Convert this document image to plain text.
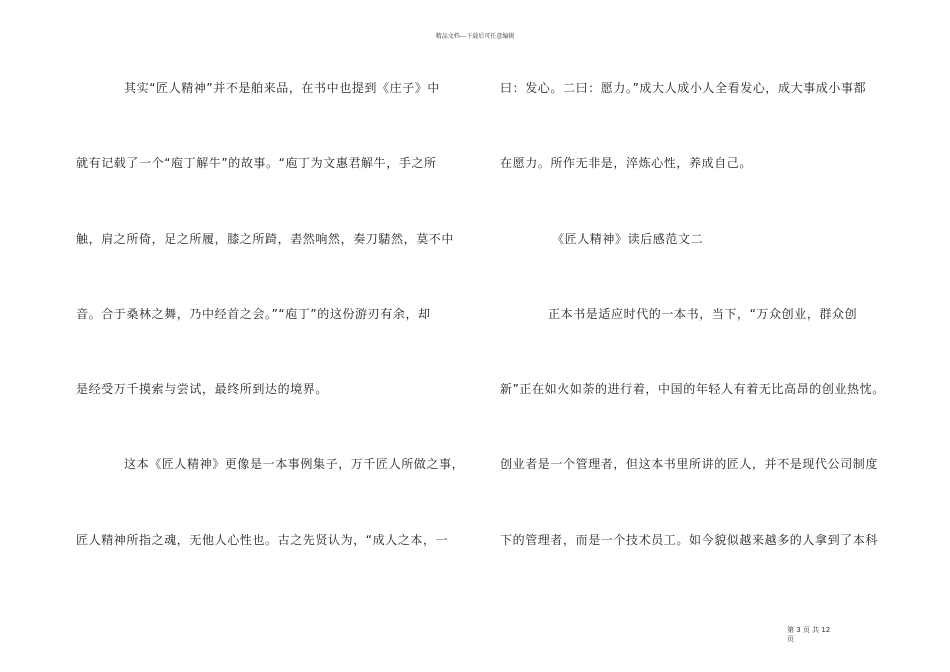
精品文档---下载后可任意编辑
其实“匠人精神”并不是舶来品，在书中也提到《庄子》中
就有记载了一个“庖丁解牛”的故事。“庖丁为文惠君解牛，手之所
触，肩之所倚，足之所履，膝之所踦，砉然响然，奏刀騞然，莫不中
音。合于桑林之舞，乃中经首之会。”“庖丁”的这份游刃有余，却
是经受万千摸索与尝试，最终所到达的境界。
这本《匠人精神》更像是一本事例集子，万千匠人所做之事，
匠人精神所指之魂，无他人心性也。古之先贤认为，“成人之本，一
曰：发心。二曰：愿力。”成大人成小人全看发心，成大事成小事都
在愿力。所作无非是，淬炼心性，养成自己。
《匠人精神》读后感范文二
正本书是适应时代的一本书，当下，“万众创业，群众创
新”正在如火如荼的进行着，中国的年轻人有着无比高昂的创业热忱。
创业者是一个管理者，但这本书里所讲的匠人，并不是现代公司制度
下的管理者，而是一个技术员工。如今貌似越来越多的人拿到了本科
第 3 页 共 12
页
